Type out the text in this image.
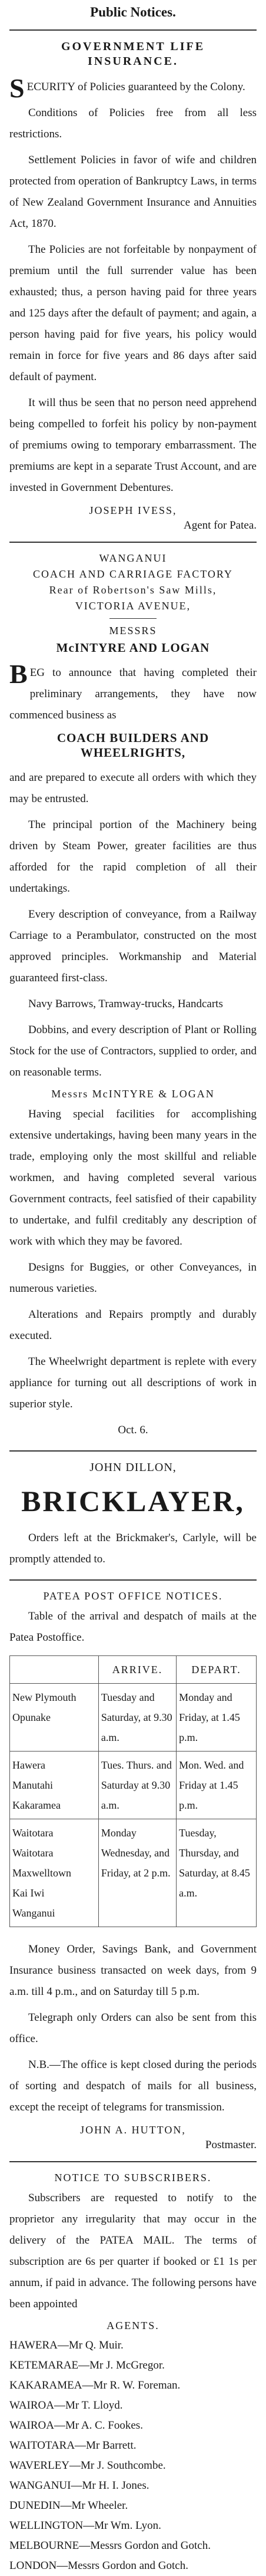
Public Notices.
GOVERNMENT LIFE
INSURANCE.

SECURITY of Policies guaranteed by the Colony.

Conditions of Policies free from all less restrictions.

Settlement Policies in favor of wife and children protected from operation of Bankruptcy Laws, in terms of New Zealand Government Insurance and Annuities Act, 1870.

The Policies are not forfeitable by nonpayment of premium until the full surrender value has been exhausted; thus, a person having paid for three years and 125 days after the default of payment; and again, a person having paid for five years, his policy would remain in force for five years and 86 days after said default of payment.

It will thus be seen that no person need apprehend being compelled to forfeit his policy by non-payment of premiums owing to temporary embarrassment. The premiums are kept in a separate Trust Account, and are invested in Government Debentures.

JOSEPH IVESS,
Agent for Patea.
WANGANUI
COACH AND CARRIAGE FACTORY
Rear of Robertson's Saw Mills,
VICTORIA AVENUE,
MESSRS
McINTYRE AND LOGAN

BEG to announce that having completed their preliminary arrangements, they have now commenced business as

COACH BUILDERS AND WHEELRIGHTS,

and are prepared to execute all orders with which they may be entrusted.

The principal portion of the Machinery being driven by Steam Power, greater facilities are thus afforded for the rapid completion of all their undertakings.

Every description of conveyance, from a Railway Carriage to a Perambulator, constructed on the most approved principles. Workmanship and Material guaranteed first-class.

Navy Barrows, Tramway-trucks, Handcarts

Dobbins, and every description of Plant or Rolling Stock for the use of Contractors, supplied to order, and on reasonable terms.

Messrs McINTYRE & LOGAN

Having special facilities for accomplishing extensive undertakings, having been many years in the trade, employing only the most skillful and reliable workmen, and having completed several various Government contracts, feel satisfied of their capability to undertake, and fulfil creditably any description of work with which they may be favored.

Designs for Buggies, or other Conveyances, in numerous varieties.

Alterations and Repairs promptly and durably executed.

The Wheelwright department is replete with every appliance for turning out all descriptions of work in superior style.

Oct. 6.
JOHN DILLON,
BRICKLAYER,

Orders left at the Brickmaker's, Carlyle, will be promptly attended to.

PATEA POST OFFICE NOTICES.

Table of the arrival and despatch of mails at the Patea Postoffice.

	ARRIVE.	DEPART.

New Plymouth
Opunake	Tuesday and Saturday, at 9.30 a.m.	Monday and Friday, at 1.45 p.m.

Hawera
Manutahi
Kakaramea	Tues. Thurs. and Saturday at 9.30 a.m.	Mon. Wed. and Friday at 1.45 p.m.

Waitotara
Waitotara
Maxwelltown
Kai Iwi
Wanganui	Monday Wednesday, and Friday, at 2 p.m.	Tuesday, Thursday, and Saturday, at 8.45 a.m.

Money Order, Savings Bank, and Government Insurance business transacted on week days, from 9 a.m. till 4 p.m., and on Saturday till 5 p.m.

Telegraph only Orders can also be sent from this office.

N.B.—The office is kept closed during the periods of sorting and despatch of mails for all business, except the receipt of telegrams for transmission.

JOHN A. HUTTON,
Postmaster.
NOTICE TO SUBSCRIBERS.

Subscribers are requested to notify to the proprietor any irregularity that may occur in the delivery of the PATEA MAIL. The terms of subscription are 6s per quarter if booked or £1 1s per annum, if paid in advance. The following persons have been appointed

AGENTS.
HAWERA—Mr Q. Muir.
KETEMARAE—Mr J. McGregor.
KAKARAMEA—Mr R. W. Foreman.
WAIROA—Mr T. Lloyd.
WAIROA—Mr A. C. Fookes.
WAITOTARA—Mr Barrett.
WAVERLEY—Mr J. Southcombe.
WANGANUI—Mr H. I. Jones.
DUNEDIN—Mr Wheeler.
WELLINGTON—Mr Wm. Lyon.
MELBOURNE—Messrs Gordon and Gotch.
LONDON—Messrs Gordon and Gotch.
